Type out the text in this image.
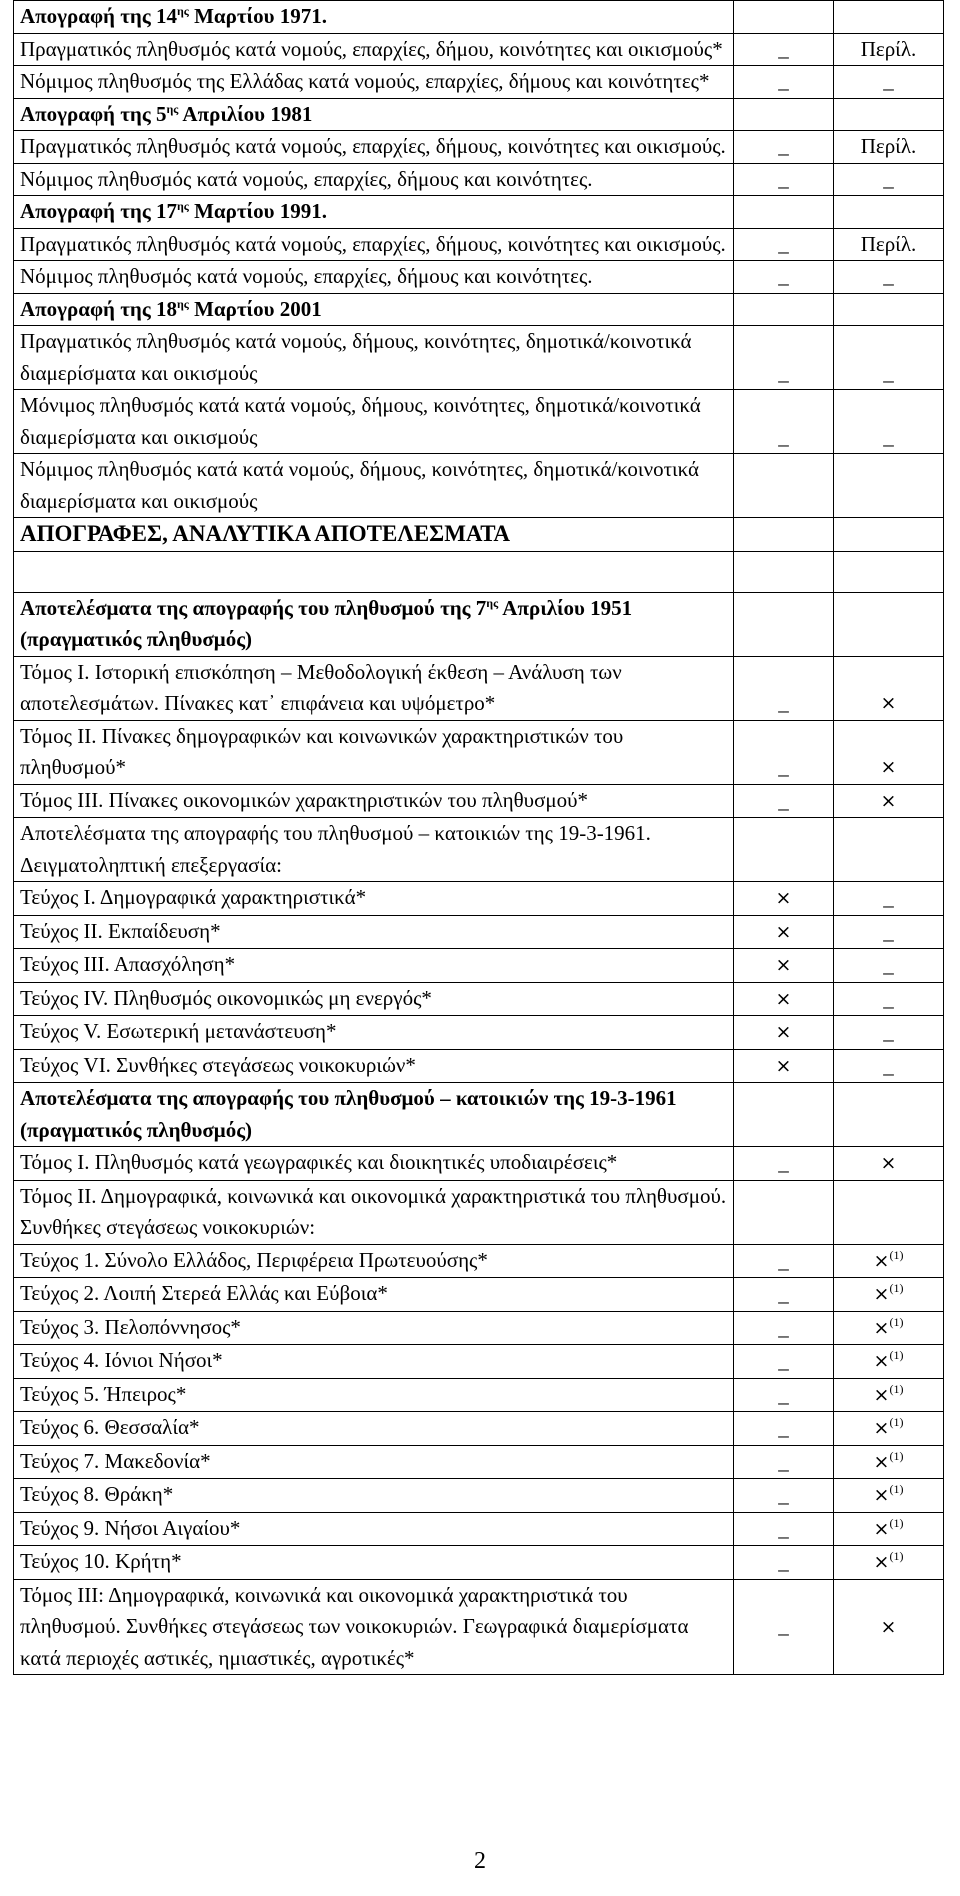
Απογραφή της $14^{\eta\varsigma}$ Μαρτίου 1971.		
Πραγματικός πληθυσμός κατά νομούς, επαρχίες, δήμου, κοινότητες και οικισμούς*	_	Περίλ.
Νόμιμος πληθυσμός της Ελλάδας κατά νομούς, επαρχίες, δήμους και κοινότητες*	_	_
Απογραφή της $5^{\eta\varsigma}$ Απριλίου 1981		
Πραγματικός πληθυσμός κατά νομούς, επαρχίες, δήμους, κοινότητες και οικισμούς.	_	Περίλ.
Νόμιμος πληθυσμός κατά νομούς, επαρχίες, δήμους και κοινότητες.	_	_
Απογραφή της $17^{\eta\varsigma}$ Μαρτίου 1991.		
Πραγματικός πληθυσμός κατά νομούς, επαρχίες, δήμους, κοινότητες και οικισμούς.	_	Περίλ.
Νόμιμος πληθυσμός κατά νομούς, επαρχίες, δήμους και κοινότητες.	_	_
Απογραφή της $18^{\eta\varsigma}$ Μαρτίου 2001		
Πραγματικός πληθυσμός κατά νομούς, δήμους, κοινότητες, δημοτικά/κοινοτικά διαμερίσματα και οικισμούς	_	_
Μόνιμος πληθυσμός κατά κατά νομούς, δήμους, κοινότητες, δημοτικά/κοινοτικά διαμερίσματα και οικισμούς	_	_
Νόμιμος πληθυσμός κατά κατά νομούς, δήμους, κοινότητες, δημοτικά/κοινοτικά διαμερίσματα και οικισμούς		
ΑΠΟΓΡΑΦΕΣ, ΑΝΑΛΥΤΙΚΑ ΑΠΟΤΕΛΕΣΜΑΤΑ		

Αποτελέσματα της απογραφής του πληθυσμού της $7^{\eta\varsigma}$ Απριλίου 1951 (πραγματικός πληθυσμός)		
Τόμος Ι. Ιστορική επισκόπηση – Μεθοδολογική έκθεση – Ανάλυση των αποτελεσμάτων. Πίνακες κατ᾽ επιφάνεια και υψόμετρο*	_	×
Τόμος ΙΙ. Πίνακες δημογραφικών και κοινωνικών χαρακτηριστικών του πληθυσμού*	_	×
Τόμος ΙΙΙ. Πίνακες οικονομικών χαρακτηριστικών του πληθυσμού*	_	×
Αποτελέσματα της απογραφής του πληθυσμού – κατοικιών της 19-3-1961. Δειγματοληπτική επεξεργασία:		
Τεύχος Ι. Δημογραφικά χαρακτηριστικά*	×	_
Τεύχος ΙΙ. Εκπαίδευση*	×	_
Τεύχος ΙΙΙ. Απασχόληση*	×	_
Τεύχος ΙV. Πληθυσμός οικονομικώς μη ενεργός*	×	_
Τεύχος V. Εσωτερική μετανάστευση*	×	_
Τεύχος VI. Συνθήκες στεγάσεως νοικοκυριών*	×	_
Αποτελέσματα της απογραφής του πληθυσμού – κατοικιών της 19-3-1961 (πραγματικός πληθυσμός)		
Τόμος Ι. Πληθυσμός κατά γεωγραφικές και διοικητικές υποδιαιρέσεις*	_	×
Τόμος ΙΙ. Δημογραφικά, κοινωνικά και οικονομικά χαρακτηριστικά του πληθυσμού. Συνθήκες στεγάσεως νοικοκυριών:		
Τεύχος 1. Σύνολο Ελλάδος, Περιφέρεια Πρωτευούσης*	_	×$^{(1)}$
Τεύχος 2. Λοιπή Στερεά Ελλάς και Εύβοια*	_	×$^{(1)}$
Τεύχος 3. Πελοπόννησος*	_	×$^{(1)}$
Τεύχος 4. Ιόνιοι Νήσοι*	_	×$^{(1)}$
Τεύχος 5. Ήπειρος*	_	×$^{(1)}$
Τεύχος 6. Θεσσαλία*	_	×$^{(1)}$
Τεύχος 7. Μακεδονία*	_	×$^{(1)}$
Τεύχος 8. Θράκη*	_	×$^{(1)}$
Τεύχος 9. Νήσοι Αιγαίου*	_	×$^{(1)}$
Τεύχος 10. Κρήτη*	_	×$^{(1)}$
Τόμος ΙΙΙ: Δημογραφικά, κοινωνικά και οικονομικά χαρακτηριστικά του πληθυσμού. Συνθήκες στεγάσεως των νοικοκυριών. Γεωγραφικά διαμερίσματα κατά περιοχές αστικές, ημιαστικές, αγροτικές*	_	×
2
